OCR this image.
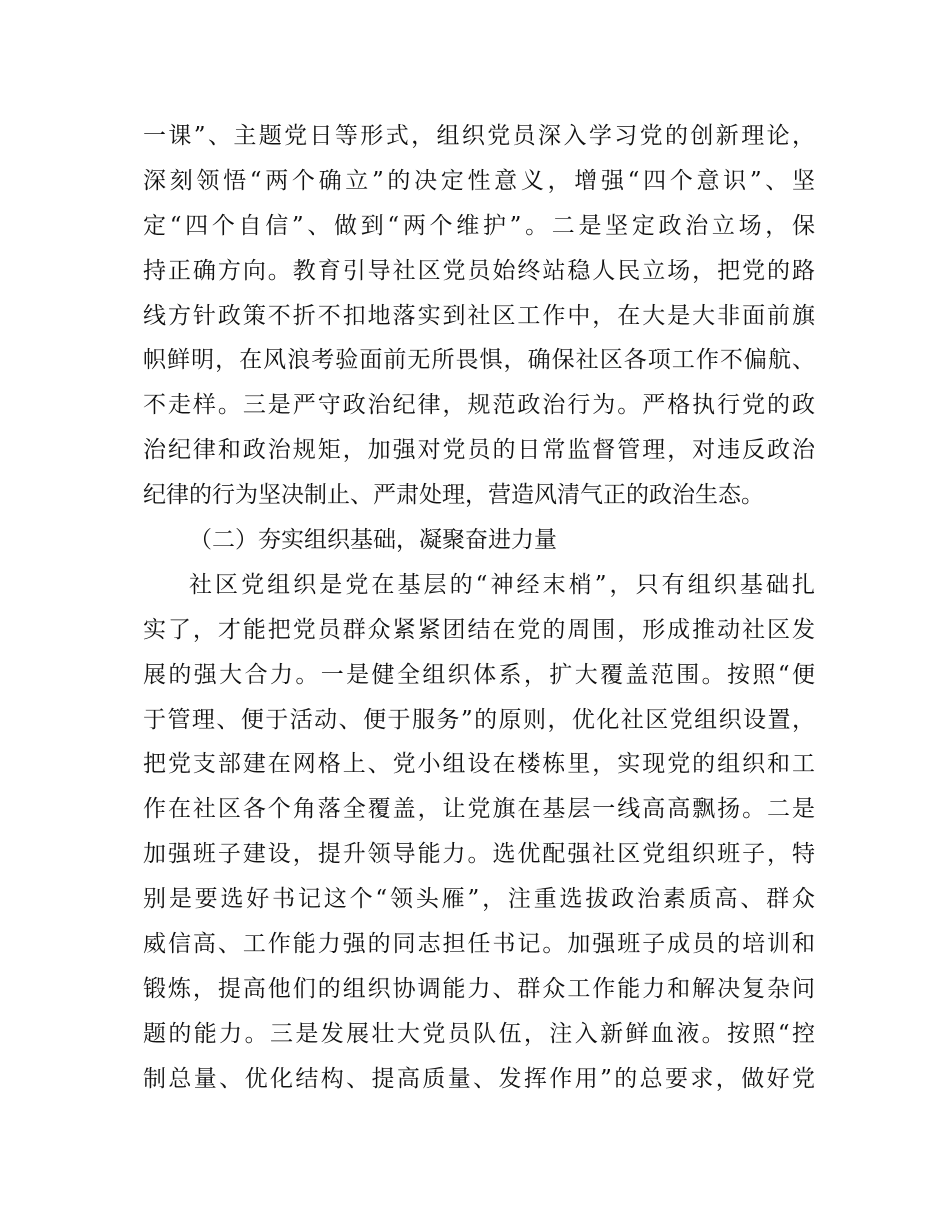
一课”、主题党日等形式，组织党员深入学习党的创新理论，
深刻领悟“两个确立”的决定性意义，增强“四个意识”、坚
定“四个自信”、做到“两个维护”。二是坚定政治立场，保
持正确方向。教育引导社区党员始终站稳人民立场，把党的路
线方针政策不折不扣地落实到社区工作中，在大是大非面前旗
帜鲜明，在风浪考验面前无所畏惧，确保社区各项工作不偏航、
不走样。三是严守政治纪律，规范政治行为。严格执行党的政
治纪律和政治规矩，加强对党员的日常监督管理，对违反政治
纪律的行为坚决制止、严肃处理，营造风清气正的政治生态。
（二）夯实组织基础，凝聚奋进力量
社区党组织是党在基层的“神经末梢”，只有组织基础扎
实了，才能把党员群众紧紧团结在党的周围，形成推动社区发
展的强大合力。一是健全组织体系，扩大覆盖范围。按照“便
于管理、便于活动、便于服务”的原则，优化社区党组织设置，
把党支部建在网格上、党小组设在楼栋里，实现党的组织和工
作在社区各个角落全覆盖，让党旗在基层一线高高飘扬。二是
加强班子建设，提升领导能力。选优配强社区党组织班子，特
别是要选好书记这个“领头雁”，注重选拔政治素质高、群众
威信高、工作能力强的同志担任书记。加强班子成员的培训和
锻炼，提高他们的组织协调能力、群众工作能力和解决复杂问
题的能力。三是发展壮大党员队伍，注入新鲜血液。按照“控
制总量、优化结构、提高质量、发挥作用”的总要求，做好党
